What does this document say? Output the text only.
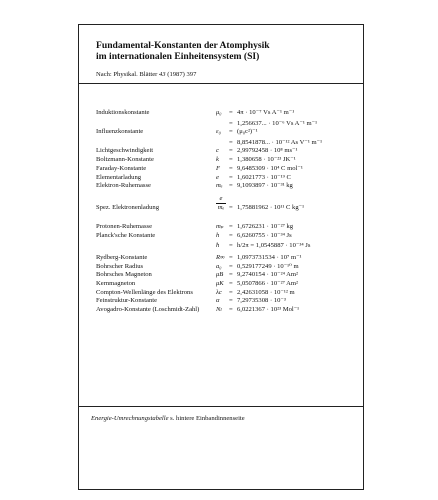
Fundamental-Konstanten der Atomphysik
im internationalen Einheitensystem (SI)
Nach: Physikal. Blätter 43 (1987) 397
Induktionskonstante	μ₀ = 4π · 10⁻⁷ Vs A⁻¹ m⁻¹
= 1,256637... · 10⁻⁶ Vs A⁻¹ m⁻¹
Influenzkonstante	ε₀ = (μ₀c²)⁻¹
= 8,8541878... · 10⁻¹² As V⁻¹ m⁻¹
Lichtgeschwindigkeit	c = 2,99792458 · 10⁸ ms⁻¹
Boltzmann-Konstante	k = 1,380658 · 10⁻²³ JK⁻¹
Faraday-Konstante	F = 9,6485309 · 10⁴ C mol⁻¹
Elementarladung	e = 1,6021773 · 10⁻¹⁹ C
Elektron-Ruhemasse	mₑ = 9,1093897 · 10⁻³¹ kg
Spez. Elektronenladung	$\frac{e}{\text{mₑ}} = 1,75881962 \cdot 10^{11}$ C kg⁻¹
Protonen-Ruhemasse	mₚ = 1,6726231 · 10⁻²⁷ kg
Planck'sche Konstante	h = 6,6260755 · 10⁻³⁴ Js
ħ = h/2π = 1,0545887 · 10⁻³⁴ Js
Rydberg-Konstante	R∞ = 1,0973731534 · 10⁷ m⁻¹
Bohrscher Radius	a₀ = 0,529177249 · 10⁻¹⁰ m
Bohrsches Magneton	μB = 9,2740154 · 10⁻²⁴ Am²
Kernmagneton	μK = 5,0507866 · 10⁻²⁷ Am²
Compton-Wellenlänge des Elektrons	λc = 2,42631058 · 10⁻¹² m
Feinstruktur-Konstante	α = 7,29735308 · 10⁻³
Avogadro-Konstante (Loschmidt-Zahl)	Nₗ = 6,0221367 · 10²³ Mol⁻¹
Energie-Umrechnungstabelle s. hintere Einbandinnenseite
